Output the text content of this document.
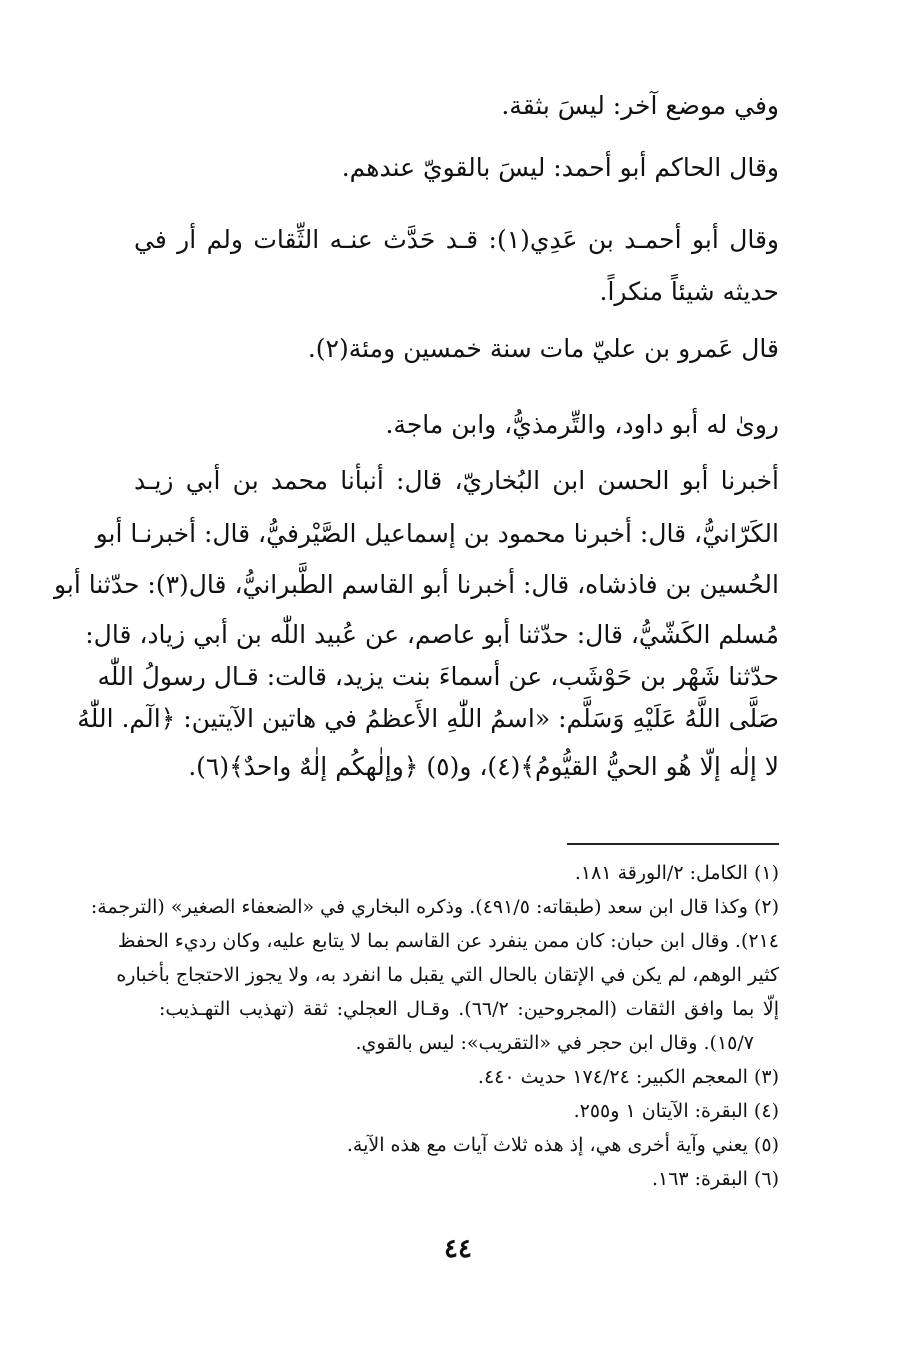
وفي موضع آخر: ليسَ بثقة.
وقال الحاكم أبو أحمد: ليسَ بالقويّ عندهم.
وقال أبو أحمـد بن عَدِي(١): قـد حَدَّث عنـه الثِّقات ولم أر في
حديثه شيئاً منكراً.
قال عَمرو بن عليّ مات سنة خمسين ومئة(٢).
روىٰ له أبو داود، والتِّرمذيُّ، وابن ماجة.
أخبرنا أبو الحسن ابن البُخاريّ، قال: أنبأنا محمد بن أبي زيـد
الكَرّانيُّ، قال: أخبرنا محمود بن إسماعيل الصَّيْرفيُّ، قال: أخبرنـا أبو
الحُسين بن فاذشاه، قال: أخبرنا أبو القاسم الطَّبرانيُّ، قال(٣): حدّثنا أبو
مُسلم الكَشّيُّ، قال: حدّثنا أبو عاصم، عن عُبيد اللّٰه بن أبي زياد، قال:
حدّثنا شَهْر بن حَوْشَب، عن أسماءَ بنت يزيد، قالت: قـال رسولُ اللّٰه
صَلَّى اللَّهُ عَلَيْهِ وَسَلَّم: «اسمُ اللّٰهِ الأَعظمُ في هاتين الآيتين: ﴿الٓم. اللّٰهُ
لا إلٰه إلّا هُو الحيُّ القيُّومُ﴾(٤)، و(٥) ﴿وإلٰهكُم إلٰهٌ واحدٌ﴾(٦).
(١) الكامل: ٢/الورقة ١٨١.
(٢) وكذا قال ابن سعد (طبقاته: ٤٩١/٥). وذكره البخاري في «الضعفاء الصغير» (الترجمة:
٢١٤). وقال ابن حبان: كان ممن ينفرد عن القاسم بما لا يتابع عليه، وكان رديء الحفظ
كثير الوهم، لم يكن في الإتقان بالحال التي يقبل ما انفرد به، ولا يجوز الاحتجاج بأخباره
إلّا بما وافق الثقات (المجروحين: ٦٦/٢). وقـال العجلي: ثقة (تهذيب التهـذيب:
١٥/٧). وقال ابن حجر في «التقريب»: ليس بالقوي.
(٣) المعجم الكبير: ١٧٤/٢٤ حديث ٤٤٠.
(٤) البقرة: الآيتان ١ و٢٥٥.
(٥) يعني وآية أخرى هي، إذ هذه ثلاث آيات مع هذه الآية.
(٦) البقرة: ١٦٣.
٤٤
